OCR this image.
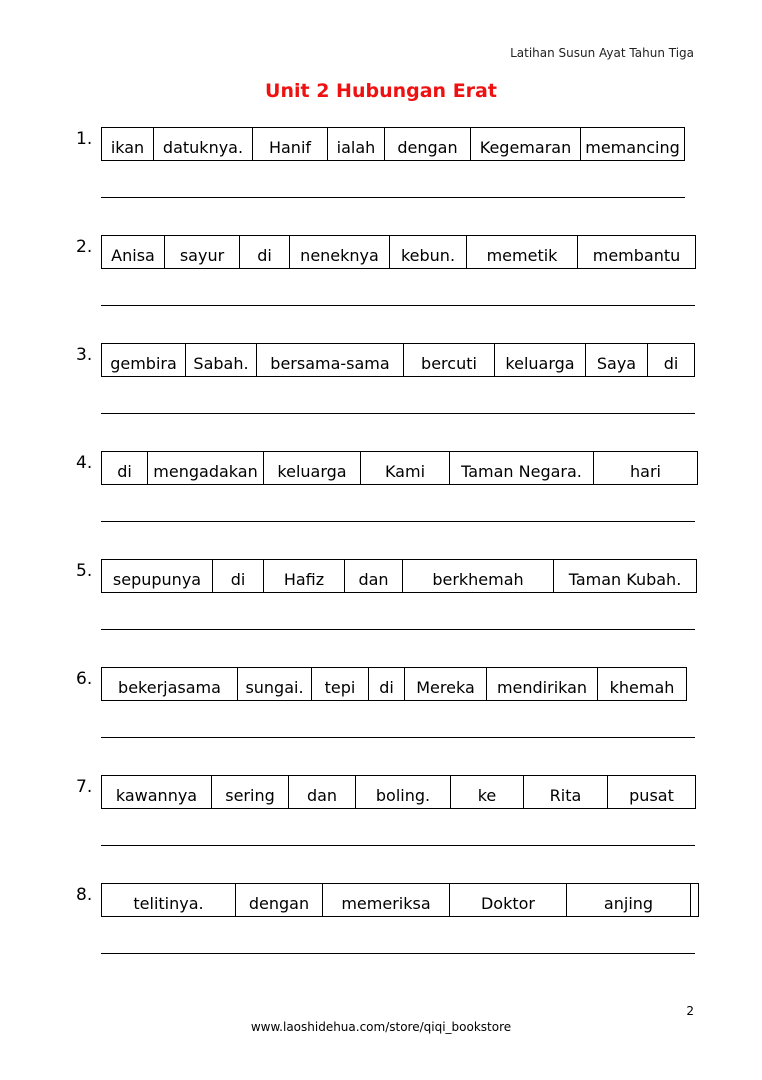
Latihan Susun Ayat Tahun Tiga
Unit 2 Hubungan Erat
1.	ikan	datuknya.	Hanif	ialah	dengan	Kegemaran memancing
2.	Anisa	sayur	di	neneknya	kebun.	memetik	membantu
3.	gembira	Sabah.	bersama-sama	bercuti	keluarga	Saya	di
4.	di	mengadakan	keluarga	Kami	Taman Negara.	hari
5.	sepupunya	di	Hafiz	dan	berkhemah	Taman Kubah.
6.	bekerjasama	sungai.	tepi	di	Mereka	mendirikan	khemah
7.	kawannya	sering	dan	boling.	ke	Rita	pusat
8.	telitinya.	dengan	memeriksa	Doktor	anjing
2
www.laoshidehua.com/store/qiqi_bookstore
